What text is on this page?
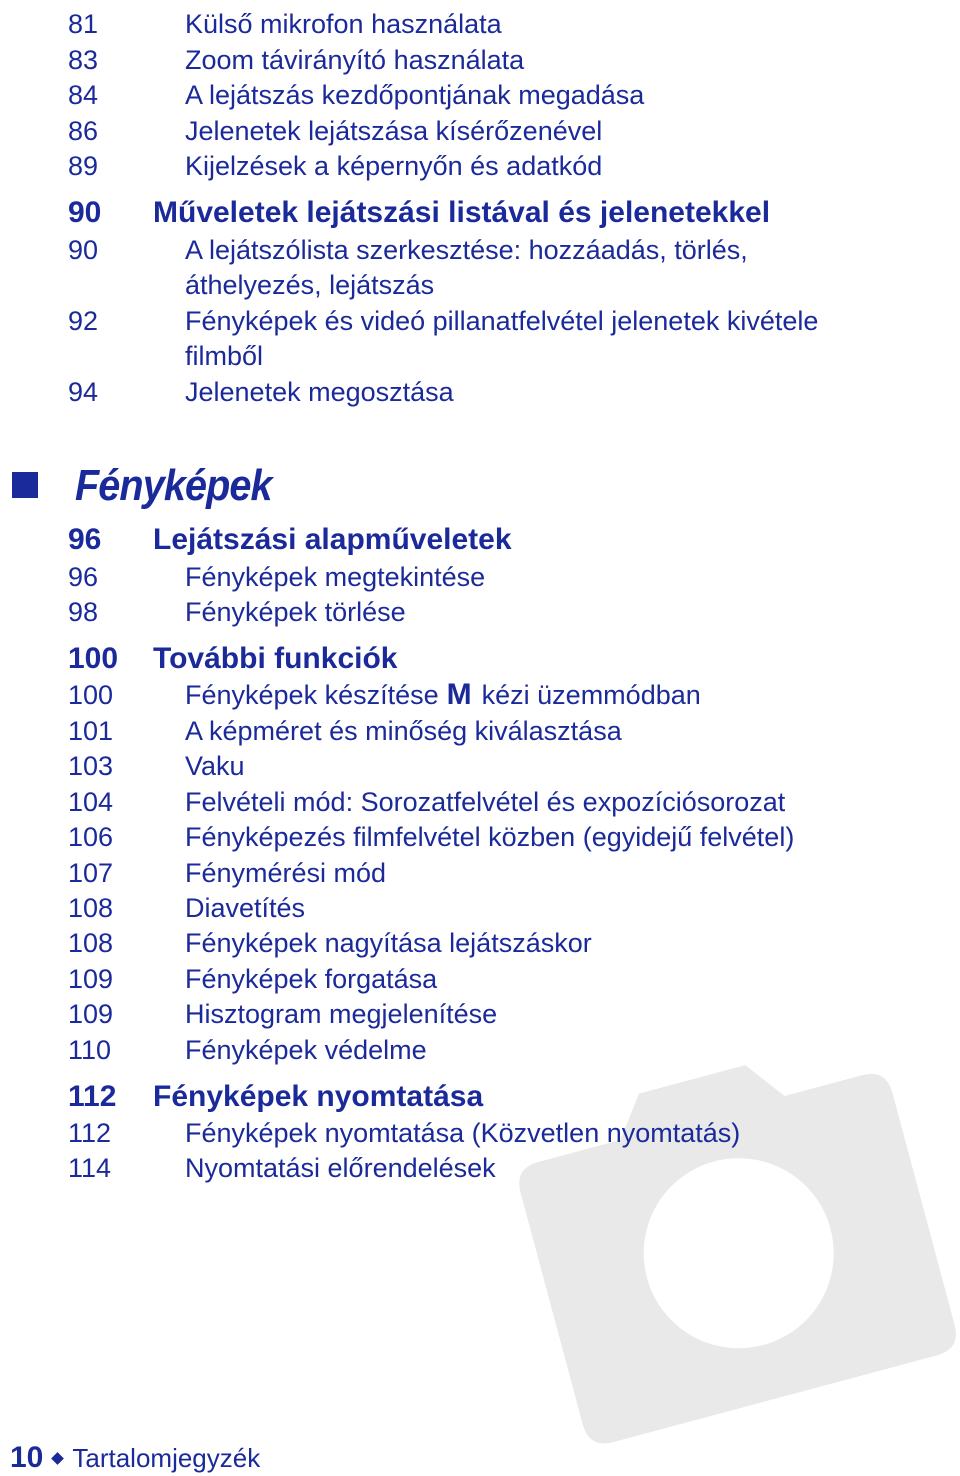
81	Külső mikrofon használata
83	Zoom távirányító használata
84	A lejátszás kezdőpontjának megadása
86	Jelenetek lejátszása kísérőzenével
89	Kijelzések a képernyőn és adatkód
90 Műveletek lejátszási listával és jelenetekkel
90	A lejátszólista szerkesztése: hozzáadás, törlés,
áthelyezés, lejátszás
92	Fényképek és videó pillanatfelvétel jelenetek kivétele
filmből
94	Jelenetek megosztása
Fényképek
96 Lejátszási alapműveletek
96	Fényképek megtekintése
98	Fényképek törlése
100 További funkciók
100	Fényképek készítése M kézi üzemmódban
101	A képméret és minőség kiválasztása
103	Vaku
104	Felvételi mód: Sorozatfelvétel és expozíciósorozat
106	Fényképezés filmfelvétel közben (egyidejű felvétel)
107	Fénymérési mód
108	Diavetítés
108	Fényképek nagyítása lejátszáskor
109	Fényképek forgatása
109	Hisztogram megjelenítése
110	Fényképek védelme
112 Fényképek nyomtatása
112	Fényképek nyomtatása (Közvetlen nyomtatás)
114	Nyomtatási előrendelések
10 Tartalomjegyzék
